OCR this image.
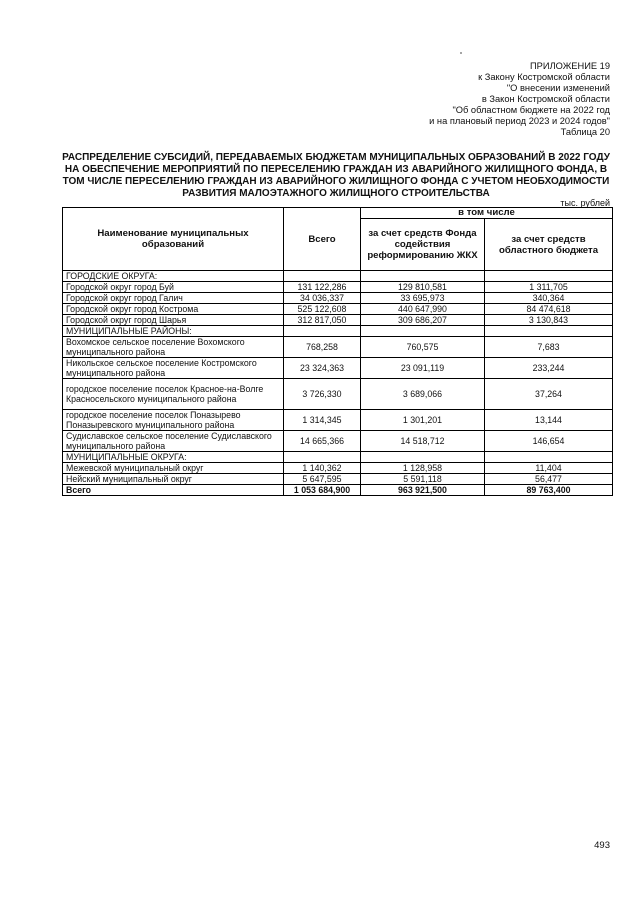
ПРИЛОЖЕНИЕ 19
к Закону Костромской области
"О внесении изменений
в Закон Костромской области
"Об областном бюджете на 2022 год
и на плановый период 2023 и 2024 годов"
Таблица 20
РАСПРЕДЕЛЕНИЕ СУБСИДИЙ, ПЕРЕДАВАЕМЫХ БЮДЖЕТАМ МУНИЦИПАЛЬНЫХ ОБРАЗОВАНИЙ В 2022 ГОДУ НА ОБЕСПЕЧЕНИЕ МЕРОПРИЯТИЙ ПО ПЕРЕСЕЛЕНИЮ ГРАЖДАН ИЗ АВАРИЙНОГО ЖИЛИЩНОГО ФОНДА, В ТОМ ЧИСЛЕ ПЕРЕСЕЛЕНИЮ ГРАЖДАН ИЗ АВАРИЙНОГО ЖИЛИЩНОГО ФОНДА С УЧЕТОМ НЕОБХОДИМОСТИ РАЗВИТИЯ МАЛОЭТАЖНОГО ЖИЛИЩНОГО СТРОИТЕЛЬСТВА
тыс. рублей
Наименование муниципальных образований	Всего	в том числе	
		за счет средств Фонда содействия реформированию ЖКХ	за счет средств областного бюджета
ГОРОДСКИЕ ОКРУГА:			
Городской округ город Буй	131 122,286	129 810,581	1 311,705
Городской округ город Галич	34 036,337	33 695,973	340,364
Городской округ город Кострома	525 122,608	440 647,990	84 474,618
Городской округ город Шарья	312 817,050	309 686,207	3 130,843
МУНИЦИПАЛЬНЫЕ РАЙОНЫ:			
Вохомское сельское поселение Вохомского муниципального района	768,258	760,575	7,683
Никольское сельское поселение Костромского муниципального района	23 324,363	23 091,119	233,244
городское поселение поселок Красное-на-Волге Красносельского муниципального района	3 726,330	3 689,066	37,264
городское поселение поселок Поназырево Поназыревского муниципального района	1 314,345	1 301,201	13,144
Судиславское сельское поселение Судиславского муниципального района	14 665,366	14 518,712	146,654
МУНИЦИПАЛЬНЫЕ ОКРУГА:			
Межевской муниципальный округ	1 140,362	1 128,958	11,404
Нейский муниципальный округ	5 647,595	5 591,118	56,477
Всего	1 053 684,900	963 921,500	89 763,400
493
